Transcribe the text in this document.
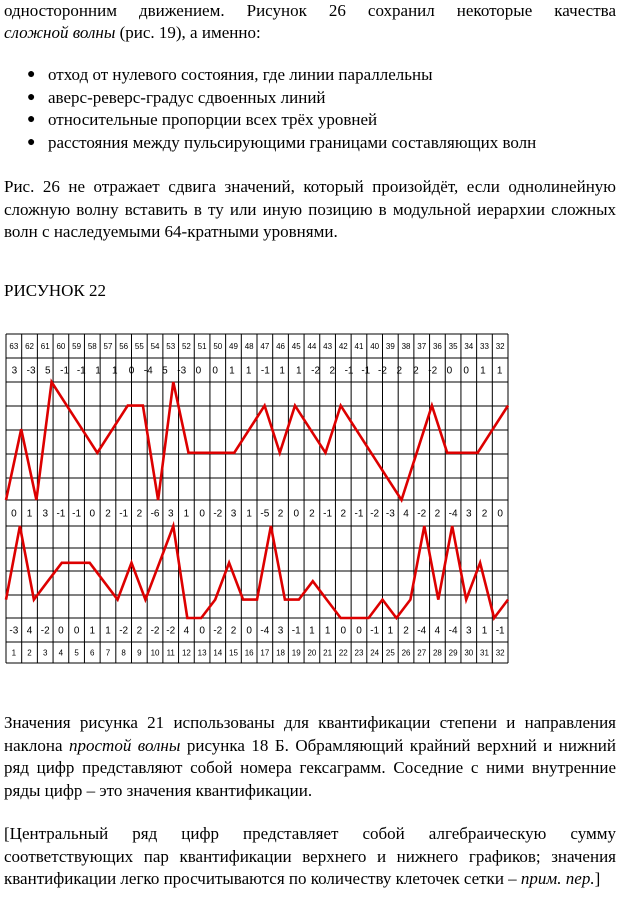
односторонним движением. Рисунок 26 сохранил некоторые качества
сложной волны (рис. 19), а именно:
● отход от нулевого состояния, где линии параллельны
● аверс-реверс-градус сдвоенных линий
● относительные пропорции всех трёх уровней
● расстояния между пульсирующими границами составляющих волн
Рис. 26 не отражает сдвига значений, который произойдёт, если однолинейную сложную волну вставить в ту или иную позицию в модульной иерархии сложных волн с наследуемыми 64-кратными уровнями.
РИСУНОК 22
63 62 61 60 59 58 57 56 55 54 53 52 51 50 49 48 47 46 45 44 43 42 41 40 39 38 37 36 35 34 33 32
3 -3 5 -1 -1 1 1 0 -4 5 -3 0 0 1 1 -1 1 1 -2 2 -1 -1 -2 2 2 -2 0 0 1 1
0 1 3 -1 -1 0 2 -1 2 -6 3 1 0 -2 3 1 -5 2 0 2 -1 2 -1 -2 -3 4 -2 2 -4 3 2 0
-3 4 -2 0 0 1 1 -2 2 -2 -2 4 0 -2 2 0 -4 3 -1 1 1 0 0 -1 1 2 -4 4 -4 3 1 -1
1 2 3 4 5 6 7 8 9 10 11 12 13 14 15 16 17 18 19 20 21 22 23 24 25 26 27 28 29 30 31 32
Значения рисунка 21 использованы для квантификации степени и направления наклона простой волны рисунка 18 Б. Обрамляющий крайний верхний и нижний ряд цифр представляют собой номера гексаграмм. Соседние с ними внутренние ряды цифр – это значения квантификации.
[Центральный ряд цифр представляет собой алгебраическую сумму соответствующих пар квантификации верхнего и нижнего графиков; значения квантификации легко просчитываются по количеству клеточек сетки – прим. пер.]
